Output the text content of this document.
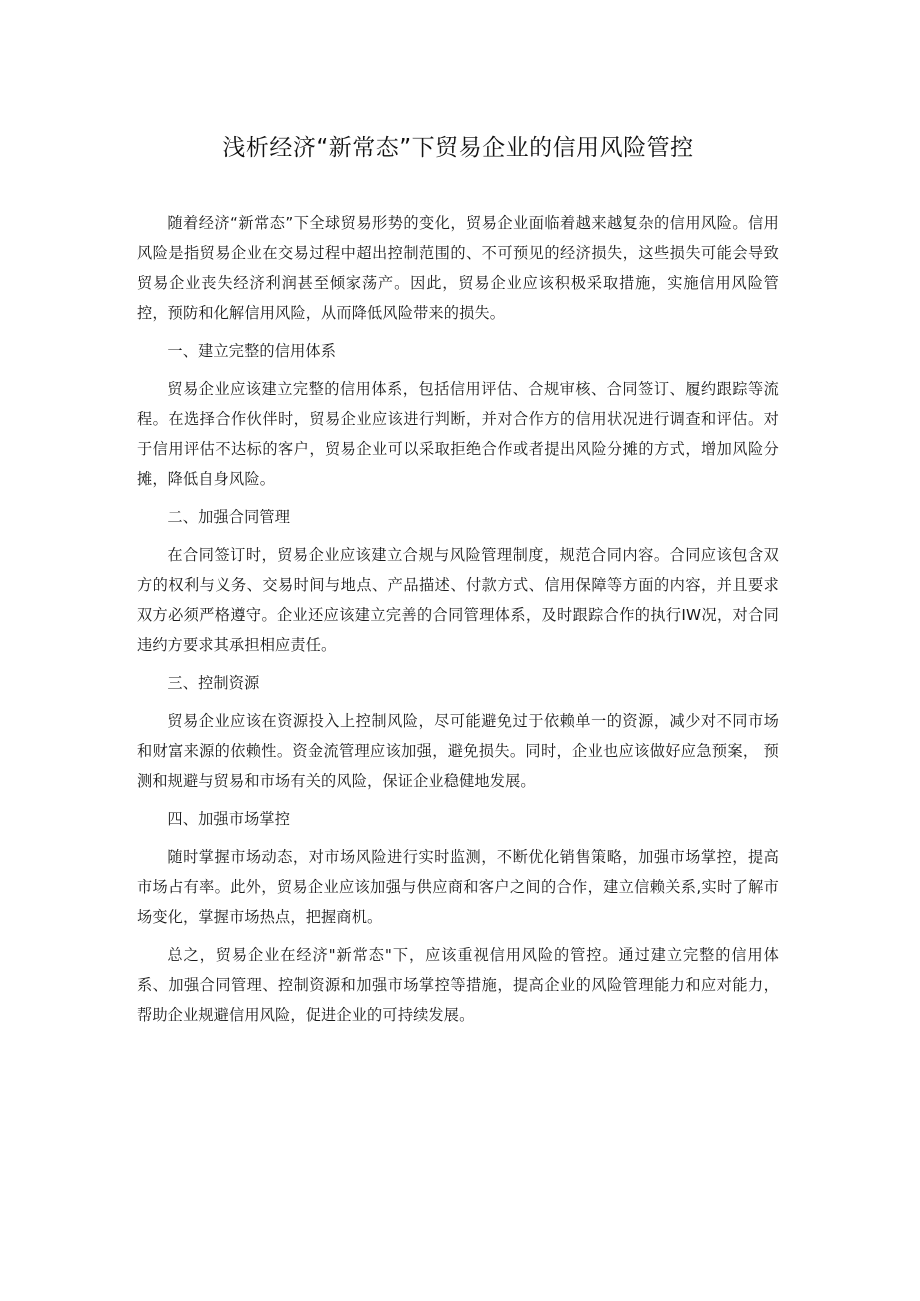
浅析经济“新常态”下贸易企业的信用风险管控

随着经济“新常态”下全球贸易形势的变化，贸易企业面临着越来越复杂的信用风险。信用风险是指贸易企业在交易过程中超出控制范围的、不可预见的经济损失，这些损失可能会导致贸易企业丧失经济利润甚至倾家荡产。因此，贸易企业应该积极采取措施，实施信用风险管控，预防和化解信用风险，从而降低风险带来的损失。

一、建立完整的信用体系

贸易企业应该建立完整的信用体系，包括信用评估、合规审核、合同签订、履约跟踪等流程。在选择合作伙伴时，贸易企业应该进行判断，并对合作方的信用状况进行调查和评估。对于信用评估不达标的客户，贸易企业可以采取拒绝合作或者提出风险分摊的方式，增加风险分摊，降低自身风险。

二、加强合同管理

在合同签订时，贸易企业应该建立合规与风险管理制度，规范合同内容。合同应该包含双方的权利与义务、交易时间与地点、产品描述、付款方式、信用保障等方面的内容，并且要求双方必须严格遵守。企业还应该建立完善的合同管理体系，及时跟踪合作的执行IW况，对合同违约方要求其承担相应责任。

三、控制资源

贸易企业应该在资源投入上控制风险，尽可能避免过于依赖单一的资源，减少对不同市场和财富来源的依赖性。资金流管理应该加强，避免损失。同时，企业也应该做好应急预案， 预测和规避与贸易和市场有关的风险，保证企业稳健地发展。

四、加强市场掌控

随时掌握市场动态，对市场风险进行实时监测，不断优化销售策略，加强市场掌控，提高市场占有率。此外，贸易企业应该加强与供应商和客户之间的合作，建立信赖关系,实时了解市场变化，掌握市场热点，把握商机。

总之，贸易企业在经济"新常态"下，应该重视信用风险的管控。通过建立完整的信用体系、加强合同管理、控制资源和加强市场掌控等措施，提高企业的风险管理能力和应对能力，帮助企业规避信用风险，促进企业的可持续发展。
